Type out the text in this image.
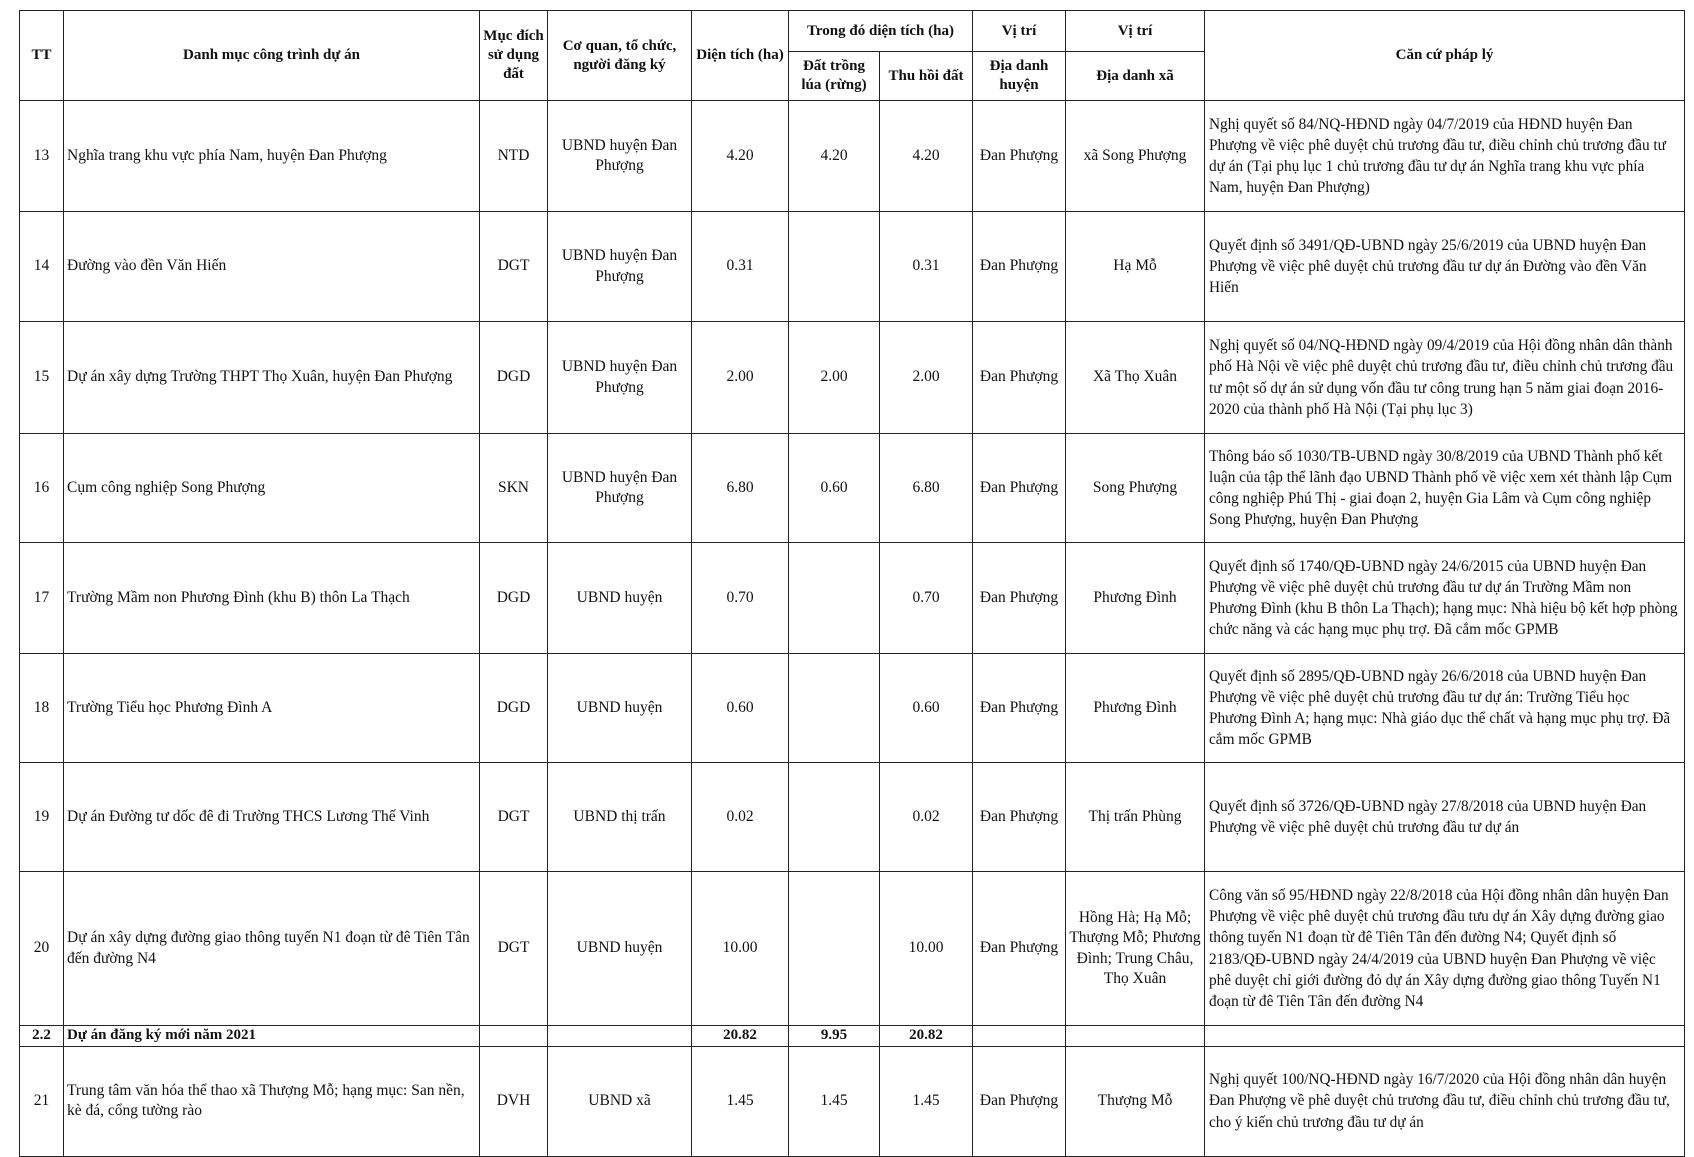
TT	Danh mục công trình dự án	Mục đích sử dụng đất	Cơ quan, tổ chức, người đăng ký	Diện tích (ha)	Trong đó diện tích (ha)		Vị trí	Vị trí	Căn cứ pháp lý
					Đất trồng lúa (rừng)	Thu hồi đất	Địa danh huyện	Địa danh xã	
13	Nghĩa trang khu vực phía Nam, huyện Đan Phượng	NTD	UBND huyện Đan Phượng	4.20	4.20	4.20	Đan Phượng	xã Song Phượng	Nghị quyết số 84/NQ-HĐND ngày 04/7/2019 của HĐND huyện Đan Phượng về việc phê duyệt chủ trương đầu tư, điều chỉnh chủ trương đầu tư dự án (Tại phụ lục 1 chủ trương đầu tư dự án Nghĩa trang khu vực phía Nam, huyện Đan Phượng)
14	Đường vào đền Văn Hiến	DGT	UBND huyện Đan Phượng	0.31		0.31	Đan Phượng	Hạ Mỗ	Quyết định số 3491/QĐ-UBND ngày 25/6/2019 của UBND huyện Đan Phượng về việc phê duyệt chủ trương đầu tư dự án Đường vào đền Văn Hiến
15	Dự án xây dựng Trường THPT Thọ Xuân, huyện Đan Phượng	DGD	UBND huyện Đan Phượng	2.00	2.00	2.00	Đan Phượng	Xã Thọ Xuân	Nghị quyết số 04/NQ-HĐND ngày 09/4/2019 của Hội đồng nhân dân thành phố Hà Nội về việc phê duyệt chủ trương đầu tư, điều chỉnh chủ trương đầu tư một số dự án sử dụng vốn đầu tư công trung hạn 5 năm giai đoạn 2016-2020 của thành phố Hà Nội (Tại phụ lục 3)
16	Cụm công nghiệp Song Phượng	SKN	UBND huyện Đan Phượng	6.80	0.60	6.80	Đan Phượng	Song Phượng	Thông báo số 1030/TB-UBND ngày 30/8/2019 của UBND Thành phố kết luận của tập thể lãnh đạo UBND Thành phố về việc xem xét thành lập Cụm công nghiệp Phú Thị - giai đoạn 2, huyện Gia Lâm và Cụm công nghiệp Song Phượng, huyện Đan Phượng
17	Trường Mầm non Phương Đình (khu B) thôn La Thạch	DGD	UBND huyện	0.70		0.70	Đan Phượng	Phương Đình	Quyết định số 1740/QĐ-UBND ngày 24/6/2015 của UBND huyện Đan Phượng về việc phê duyệt chủ trương đầu tư dự án Trường Mầm non Phương Đình (khu B thôn La Thạch); hạng mục: Nhà hiệu bộ kết hợp phòng chức năng và các hạng mục phụ trợ. Đã cắm mốc GPMB
18	Trường Tiểu học Phương Đình A	DGD	UBND huyện	0.60		0.60	Đan Phượng	Phương Đình	Quyết định số 2895/QĐ-UBND ngày 26/6/2018 của UBND huyện Đan Phượng về việc phê duyệt chủ trương đầu tư dự án: Trường Tiểu học Phương Đình A; hạng mục: Nhà giáo dục thể chất và hạng mục phụ trợ. Đã cắm mốc GPMB
19	Dự án Đường tư dốc đê đi Trường THCS Lương Thế Vinh	DGT	UBND thị trấn	0.02		0.02	Đan Phượng	Thị trấn Phùng	Quyết định số 3726/QĐ-UBND ngày 27/8/2018 của UBND huyện Đan Phượng về việc phê duyệt chủ trương đầu tư dự án
20	Dự án xây dựng đường giao thông tuyến N1 đoạn từ đê Tiên Tân đến đường N4	DGT	UBND huyện	10.00		10.00	Đan Phượng	Hồng Hà; Hạ Mỗ; Thượng Mỗ; Phương Đình; Trung Châu, Thọ Xuân	Công văn số 95/HĐND ngày 22/8/2018 của Hội đồng nhân dân huyện Đan Phượng về việc phê duyệt chủ trương đầu tưu dự án Xây dựng đường giao thông tuyến N1 đoạn từ đê Tiên Tân đến đường N4; Quyết định số 2183/QĐ-UBND ngày 24/4/2019 của UBND huyện Đan Phượng về việc phê duyệt chỉ giới đường đỏ dự án Xây dựng đường giao thông Tuyến N1 đoạn từ đê Tiên Tân đến đường N4
2.2	Dự án đăng ký mới năm 2021			20.82	9.95	20.82			
21	Trung tâm văn hóa thể thao xã Thượng Mỗ; hạng mục: San nền, kè đá, cổng tường rào	DVH	UBND xã	1.45	1.45	1.45	Đan Phượng	Thượng Mỗ	Nghị quyết 100/NQ-HĐND ngày 16/7/2020 của Hội đồng nhân dân huyện Đan Phượng về phê duyệt chủ trương đầu tư, điều chỉnh chủ trương đầu tư, cho ý kiến chủ trương đầu tư dự án
